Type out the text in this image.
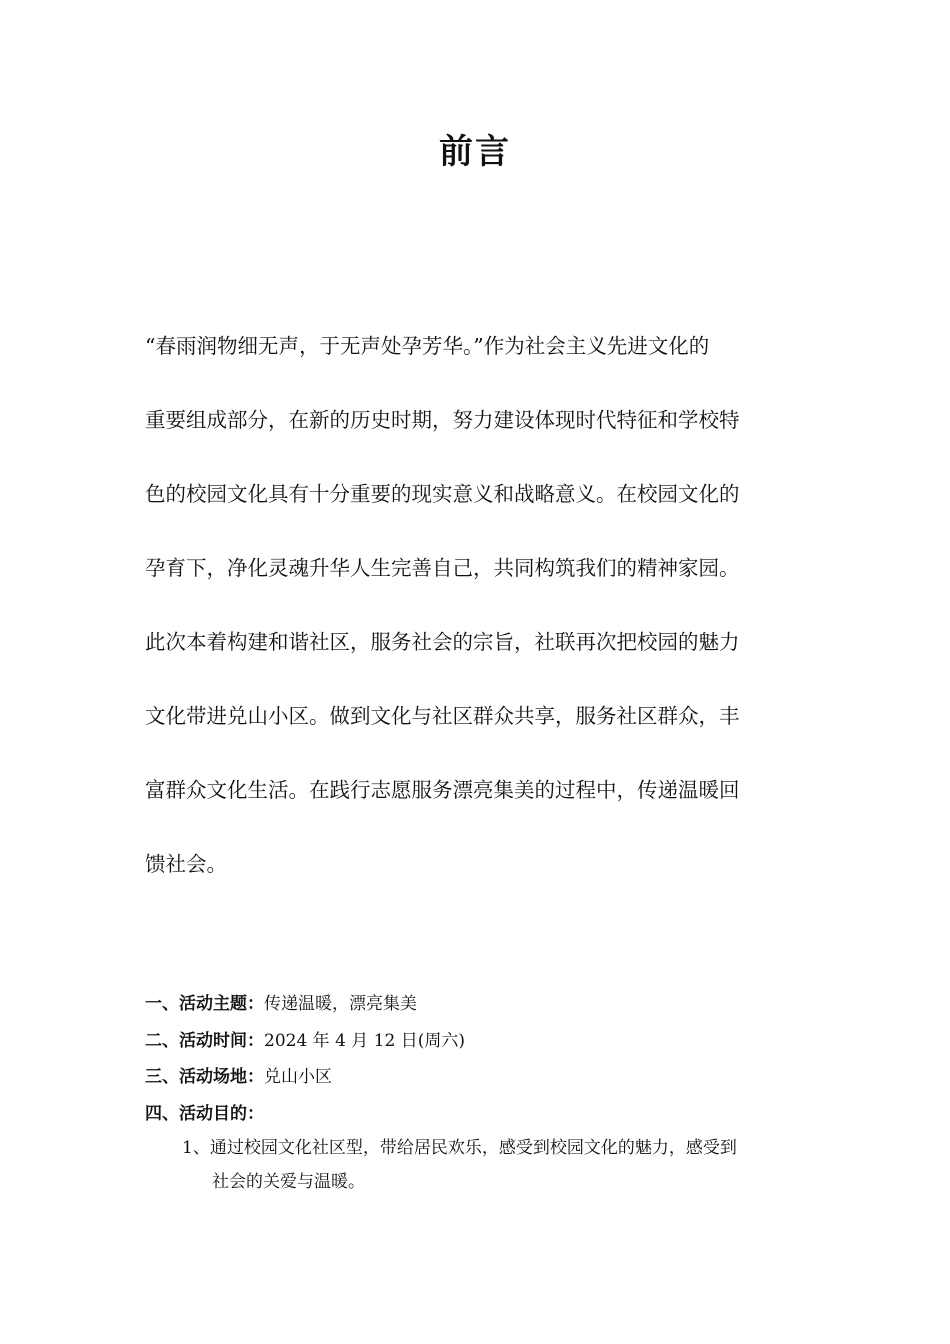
前言
“春雨润物细无声，于无声处孕芳华。”作为社会主义先进文化的
重要组成部分，在新的历史时期，努力建设体现时代特征和学校特
色的校园文化具有十分重要的现实意义和战略意义。在校园文化的
孕育下，净化灵魂升华人生完善自己，共同构筑我们的精神家园。
此次本着构建和谐社区，服务社会的宗旨，社联再次把校园的魅力
文化带进兑山小区。做到文化与社区群众共享，服务社区群众，丰
富群众文化生活。在践行志愿服务漂亮集美的过程中，传递温暖回
馈社会。
一、活动主题：传递温暖，漂亮集美
二、活动时间：2024 年 4 月 12 日(周六)
三、活动场地：兑山小区
四、活动目的：
1、通过校园文化社区型，带给居民欢乐，感受到校园文化的魅力，感受到
社会的关爱与温暖。
